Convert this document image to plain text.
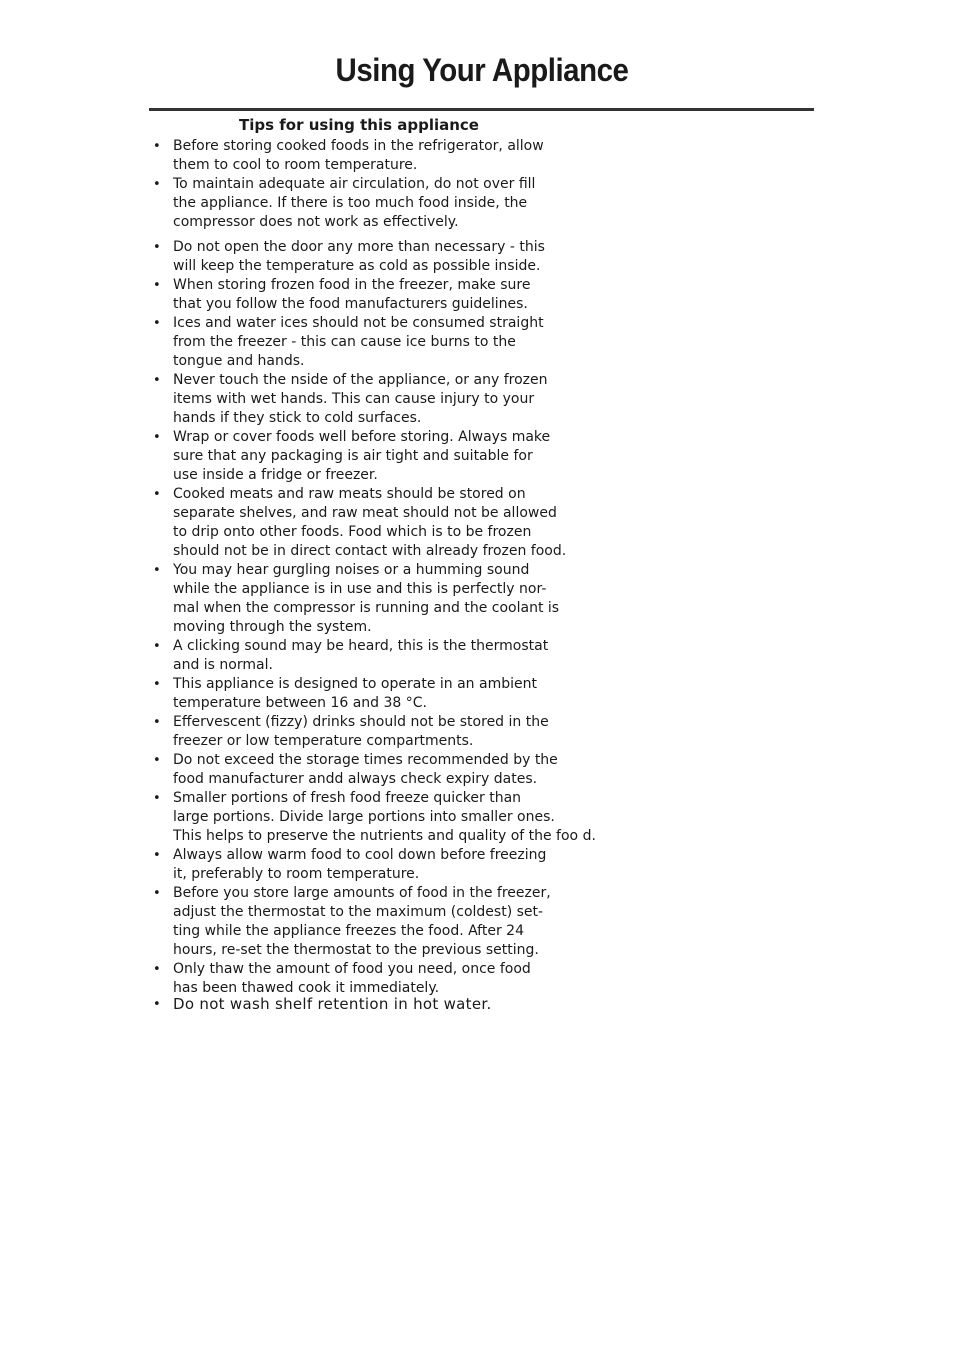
Using Your Appliance
Tips for using this appliance
• Before storing cooked foods in the refrigerator, allow
them to cool to room temperature.
• To maintain adequate air circulation, do not over fill
the appliance. If there is too much food inside, the
compressor does not work as effectively.
• Do not open the door any more than necessary - this
will keep the temperature as cold as possible inside.
• When storing frozen food in the freezer, make sure
that you follow the food manufacturers guidelines.
• Ices and water ices should not be consumed straight
from the freezer - this can cause ice burns to the
tongue and hands.
• Never touch the nside of the appliance, or any frozen
items with wet hands. This can cause injury to your
hands if they stick to cold surfaces.
• Wrap or cover foods well before storing. Always make
sure that any packaging is air tight and suitable for
use inside a fridge or freezer.
• Cooked meats and raw meats should be stored on
separate shelves, and raw meat should not be allowed
to drip onto other foods. Food which is to be frozen
should not be in direct contact with already frozen food.
• You may hear gurgling noises or a humming sound
while the appliance is in use and this is perfectly nor-
mal when the compressor is running and the coolant is
moving through the system.
• A clicking sound may be heard, this is the thermostat
and is normal.
• This appliance is designed to operate in an ambient
temperature between 16 and 38 °C.
• Effervescent (fizzy) drinks should not be stored in the
freezer or low temperature compartments.
• Do not exceed the storage times recommended by the
food manufacturer andd always check expiry dates.
• Smaller portions of fresh food freeze quicker than
large portions. Divide large portions into smaller ones.
This helps to preserve the nutrients and quality of the foo d.
• Always allow warm food to cool down before freezing
it, preferably to room temperature.
• Before you store large amounts of food in the freezer,
adjust the thermostat to the maximum (coldest) set-
ting while the appliance freezes the food. After 24
hours, re-set the thermostat to the previous setting.
• Only thaw the amount of food you need, once food
has been thawed cook it immediately.
• Do not wash shelf retention in hot water.
